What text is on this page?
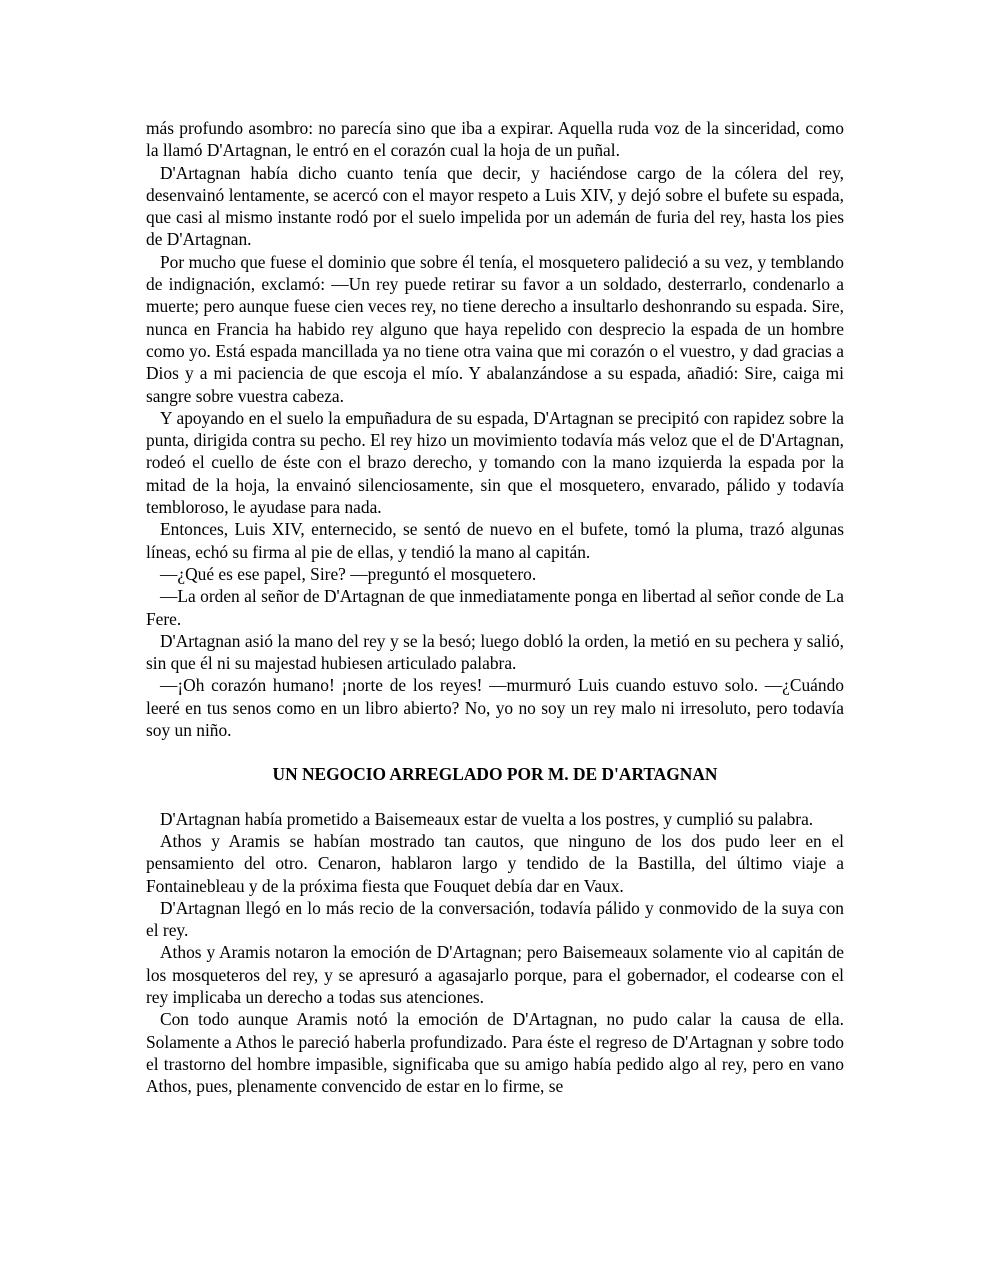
más profundo asombro: no parecía sino que iba a expirar. Aquella ruda voz de la sinceridad, como la llamó D'Artagnan, le entró en el corazón cual la hoja de un puñal.

D'Artagnan había dicho cuanto tenía que decir, y haciéndose cargo de la cólera del rey, desenvainó lentamente, se acercó con el mayor respeto a Luis XIV, y dejó sobre el bufete su espada, que casi al mismo instante rodó por el suelo impelida por un ademán de furia del rey, hasta los pies de D'Artagnan.

Por mucho que fuese el dominio que sobre él tenía, el mosquetero palideció a su vez, y temblando de indignación, exclamó: —Un rey puede retirar su favor a un soldado, desterrarlo, condenarlo a muerte; pero aunque fuese cien veces rey, no tiene derecho a insultarlo deshonrando su espada. Sire, nunca en Francia ha habido rey alguno que haya repelido con desprecio la espada de un hombre como yo. Está espada mancillada ya no tiene otra vaina que mi corazón o el vuestro, y dad gracias a Dios y a mi paciencia de que escoja el mío. Y abalanzándose a su espada, añadió: Sire, caiga mi sangre sobre vuestra cabeza.

Y apoyando en el suelo la empuñadura de su espada, D'Artagnan se precipitó con rapidez sobre la punta, dirigida contra su pecho. El rey hizo un movimiento todavía más veloz que el de D'Artagnan, rodeó el cuello de éste con el brazo derecho, y tomando con la mano izquierda la espada por la mitad de la hoja, la envainó silenciosamente, sin que el mosquetero, envarado, pálido y todavía tembloroso, le ayudase para nada.

Entonces, Luis XIV, enternecido, se sentó de nuevo en el bufete, tomó la pluma, trazó algunas líneas, echó su firma al pie de ellas, y tendió la mano al capitán.

—¿Qué es ese papel, Sire? —preguntó el mosquetero.

—La orden al señor de D'Artagnan de que inmediatamente ponga en libertad al señor conde de La Fere.

D'Artagnan asió la mano del rey y se la besó; luego dobló la orden, la metió en su pechera y salió, sin que él ni su majestad hubiesen articulado palabra.

—¡Oh corazón humano! ¡norte de los reyes! —murmuró Luis cuando estuvo solo. —¿Cuándo leeré en tus senos como en un libro abierto? No, yo no soy un rey malo ni irresoluto, pero todavía soy un niño.

UN NEGOCIO ARREGLADO POR M. DE D'ARTAGNAN

D'Artagnan había prometido a Baisemeaux estar de vuelta a los postres, y cumplió su palabra.

Athos y Aramis se habían mostrado tan cautos, que ninguno de los dos pudo leer en el pensamiento del otro. Cenaron, hablaron largo y tendido de la Bastilla, del último viaje a Fontainebleau y de la próxima fiesta que Fouquet debía dar en Vaux.

D'Artagnan llegó en lo más recio de la conversación, todavía pálido y conmovido de la suya con el rey.

Athos y Aramis notaron la emoción de D'Artagnan; pero Baisemeaux solamente vio al capitán de los mosqueteros del rey, y se apresuró a agasajarlo porque, para el gobernador, el codearse con el rey implicaba un derecho a todas sus atenciones.

Con todo aunque Aramis notó la emoción de D'Artagnan, no pudo calar la causa de ella. Solamente a Athos le pareció haberla profundizado. Para éste el regreso de D'Artagnan y sobre todo el trastorno del hombre impasible, significaba que su amigo había pedido algo al rey, pero en vano Athos, pues, plenamente convencido de estar en lo firme, se
